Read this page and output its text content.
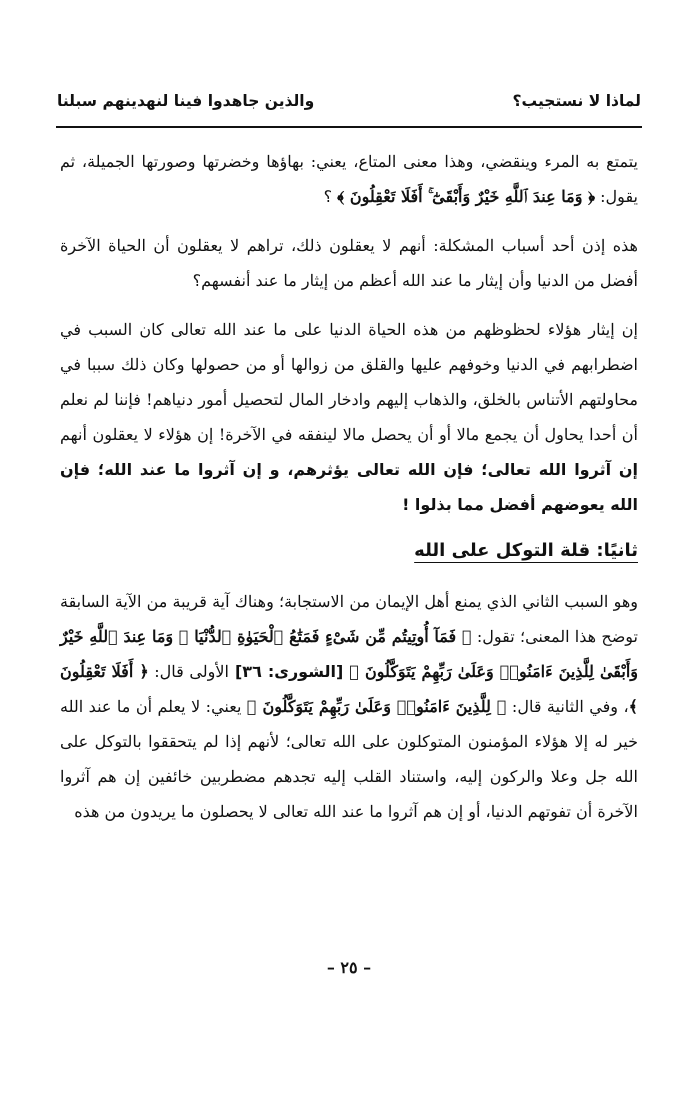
لماذا لا نستجيب؟
والذين جاهدوا فينا لنهدينهم سبلنا

يتمتع به المرء وينقضي، وهذا معنى المتاع، يعني: بهاؤها وخضرتها وصورتها الجميلة، ثم يقول: ﴿ وَمَا عِندَ ٱللَّهِ خَيْرٌ وَأَبْقَىٰٓ ۚ أَفَلَا تَعْقِلُونَ ﴾ ؟

هذه إذن أحد أسباب المشكلة: أنهم لا يعقلون ذلك، تراهم لا يعقلون أن الحياة الآخرة أفضل من الدنيا وأن إيثار ما عند الله أعظم من إيثار ما عند أنفسهم؟

إن إيثار هؤلاء لحظوظهم من هذه الحياة الدنيا على ما عند الله تعالى كان السبب في اضطرابهم في الدنيا وخوفهم عليها والقلق من زوالها أو من حصولها وكان ذلك سببا في محاولتهم الأتناس بالخلق، والذهاب إليهم وادخار المال لتحصيل أمور دنياهم! فإننا لم نعلم أن أحدا يحاول أن يجمع مالا أو أن يحصل مالا لينفقه في الآخرة! إن هؤلاء لا يعقلون أنهم إن آثروا الله تعالى؛ فإن الله تعالى يؤثرهم، و إن آثروا ما عند الله؛ فإن الله يعوضهم أفضل مما بذلوا !

ثانيًا: قلة التوكل على الله

وهو السبب الثاني الذي يمنع أهل الإيمان من الاستجابة؛ وهناك آية قريبة من الآية السابقة توضح هذا المعنى؛ تقول: ﴿ فَمَآ أُوتِيتُم مِّن شَىْءٍ فَمَتَٰعُ ٱلْحَيَوٰةِ ٱلدُّنْيَا ۖ وَمَا عِندَ ٱللَّهِ خَيْرٌ وَأَبْقَىٰ لِلَّذِينَ ءَامَنُوا۟ وَعَلَىٰ رَبِّهِمْ يَتَوَكَّلُونَ ﴾ [الشورى: ٣٦] الأولى قال: ﴿ أَفَلَا تَعْقِلُونَ ﴾، وفي الثانية قال: ﴿ لِلَّذِينَ ءَامَنُوا۟ وَعَلَىٰ رَبِّهِمْ يَتَوَكَّلُونَ ﴾ يعني: لا يعلم أن ما عند الله خير له إلا هؤلاء المؤمنون المتوكلون على الله تعالى؛ لأنهم إذا لم يتحققوا بالتوكل على الله جل وعلا والركون إليه، واستناد القلب إليه تجدهم مضطربين خائفين إن هم آثروا الآخرة أن تفوتهم الدنيا، أو إن هم آثروا ما عند الله تعالى لا يحصلون ما يريدون من هذه

– ٢٥ –
